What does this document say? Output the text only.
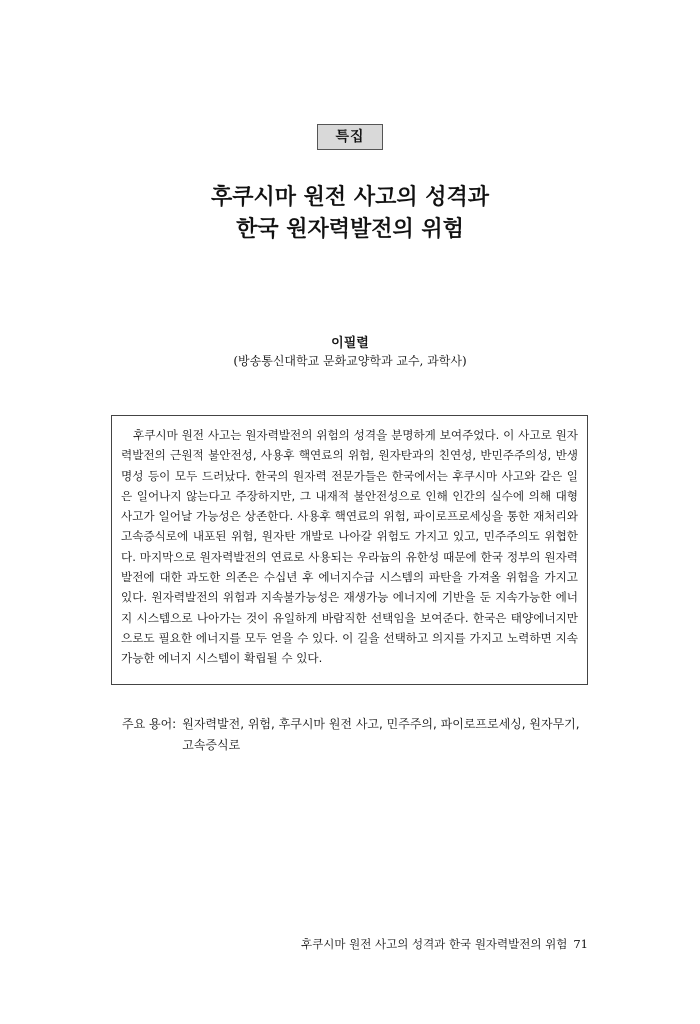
특집
후쿠시마 원전 사고의 성격과
한국 원자력발전의 위험
이필렬
(방송통신대학교 문화교양학과 교수, 과학사)
후쿠시마 원전 사고는 원자력발전의 위험의 성격을 분명하게 보여주었다. 이 사고로 원자력발전의 근원적 불안전성, 사용후 핵연료의 위험, 원자탄과의 친연성, 반민주주의성, 반생명성 등이 모두 드러났다. 한국의 원자력 전문가들은 한국에서는 후쿠시마 사고와 같은 일은 일어나지 않는다고 주장하지만, 그 내재적 불안전성으로 인해 인간의 실수에 의해 대형 사고가 일어날 가능성은 상존한다. 사용후 핵연료의 위험, 파이로프로세싱을 통한 재처리와 고속증식로에 내포된 위험, 원자탄 개발로 나아갈 위험도 가지고 있고, 민주주의도 위협한다. 마지막으로 원자력발전의 연료로 사용되는 우라늄의 유한성 때문에 한국 정부의 원자력발전에 대한 과도한 의존은 수십년 후 에너지수급 시스템의 파탄을 가져올 위험을 가지고 있다. 원자력발전의 위험과 지속불가능성은 재생가능 에너지에 기반을 둔 지속가능한 에너지 시스템으로 나아가는 것이 유일하게 바람직한 선택임을 보여준다. 한국은 태양에너지만으로도 필요한 에너지를 모두 얻을 수 있다. 이 길을 선택하고 의지를 가지고 노력하면 지속가능한 에너지 시스템이 확립될 수 있다.
주요 용어: 원자력발전, 위험, 후쿠시마 원전 사고, 민주주의, 파이로프로세싱, 원자무기, 고속증식로
후쿠시마 원전 사고의 성격과 한국 원자력발전의 위험 71
